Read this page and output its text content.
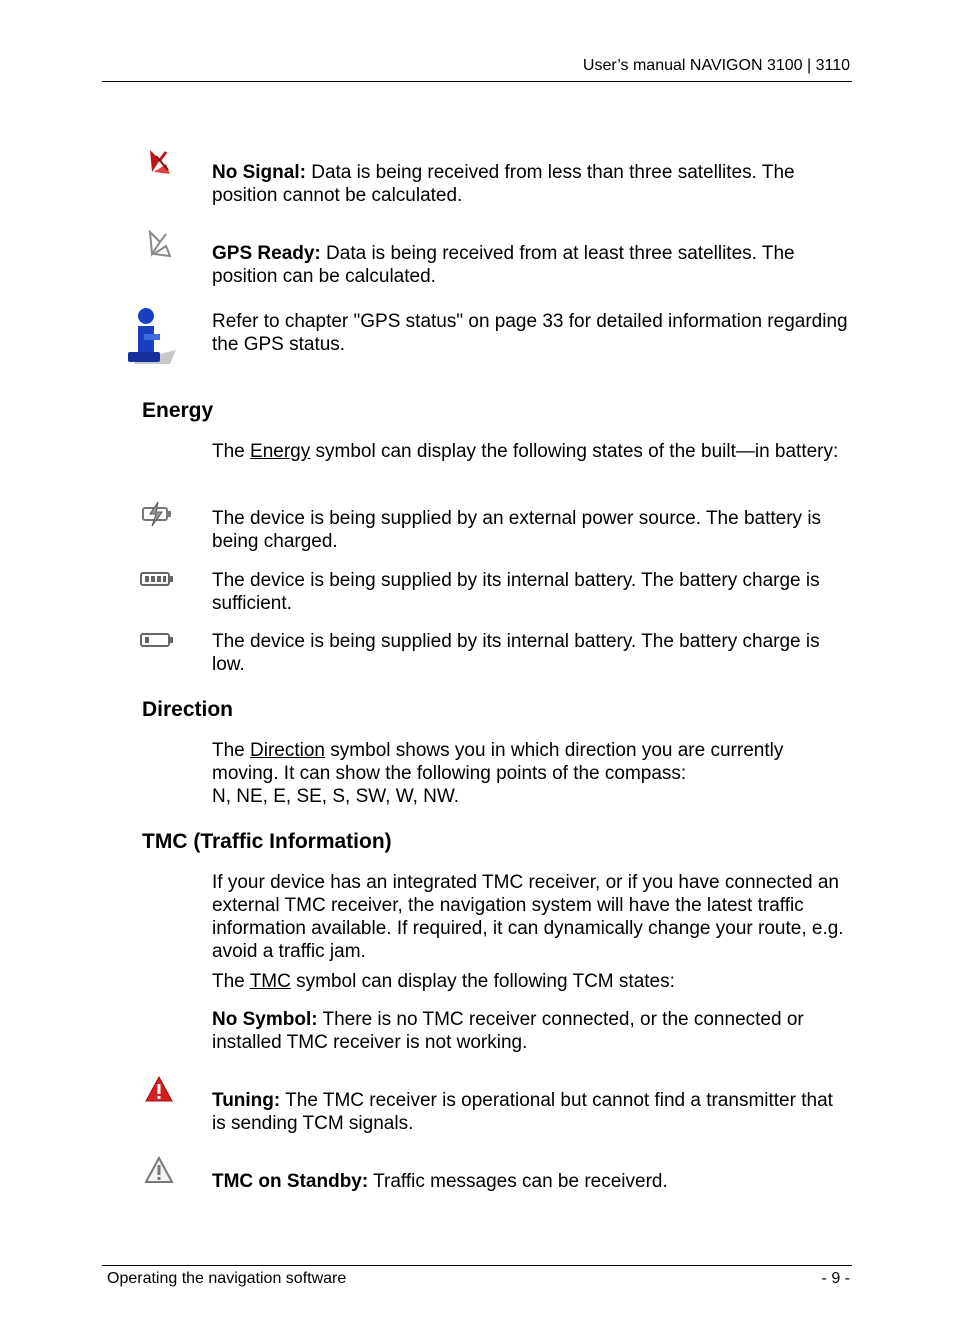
User’s manual NAVIGON 3100 | 3110

No Signal: Data is being received from less than three satellites. The position cannot be calculated.

GPS Ready: Data is being received from at least three satellites. The position can be calculated.

Refer to chapter "GPS status" on page 33 for detailed information regarding the GPS status.

Energy

The Energy symbol can display the following states of the built—in battery:

The device is being supplied by an external power source. The battery is being charged.

The device is being supplied by its internal battery. The battery charge is sufficient.

The device is being supplied by its internal battery. The battery charge is low.

Direction

The Direction symbol shows you in which direction you are currently moving. It can show the following points of the compass:
N, NE, E, SE, S, SW, W, NW.

TMC (Traffic Information)

If your device has an integrated TMC receiver, or if you have connected an external TMC receiver, the navigation system will have the latest traffic information available. If required, it can dynamically change your route, e.g. avoid a traffic jam.

The TMC symbol can display the following TCM states:

No Symbol: There is no TMC receiver connected, or the connected or installed TMC receiver is not working.

Tuning: The TMC receiver is operational but cannot find a transmitter that is sending TCM signals.

TMC on Standby: Traffic messages can be receiverd.

Operating the navigation software	- 9 -
